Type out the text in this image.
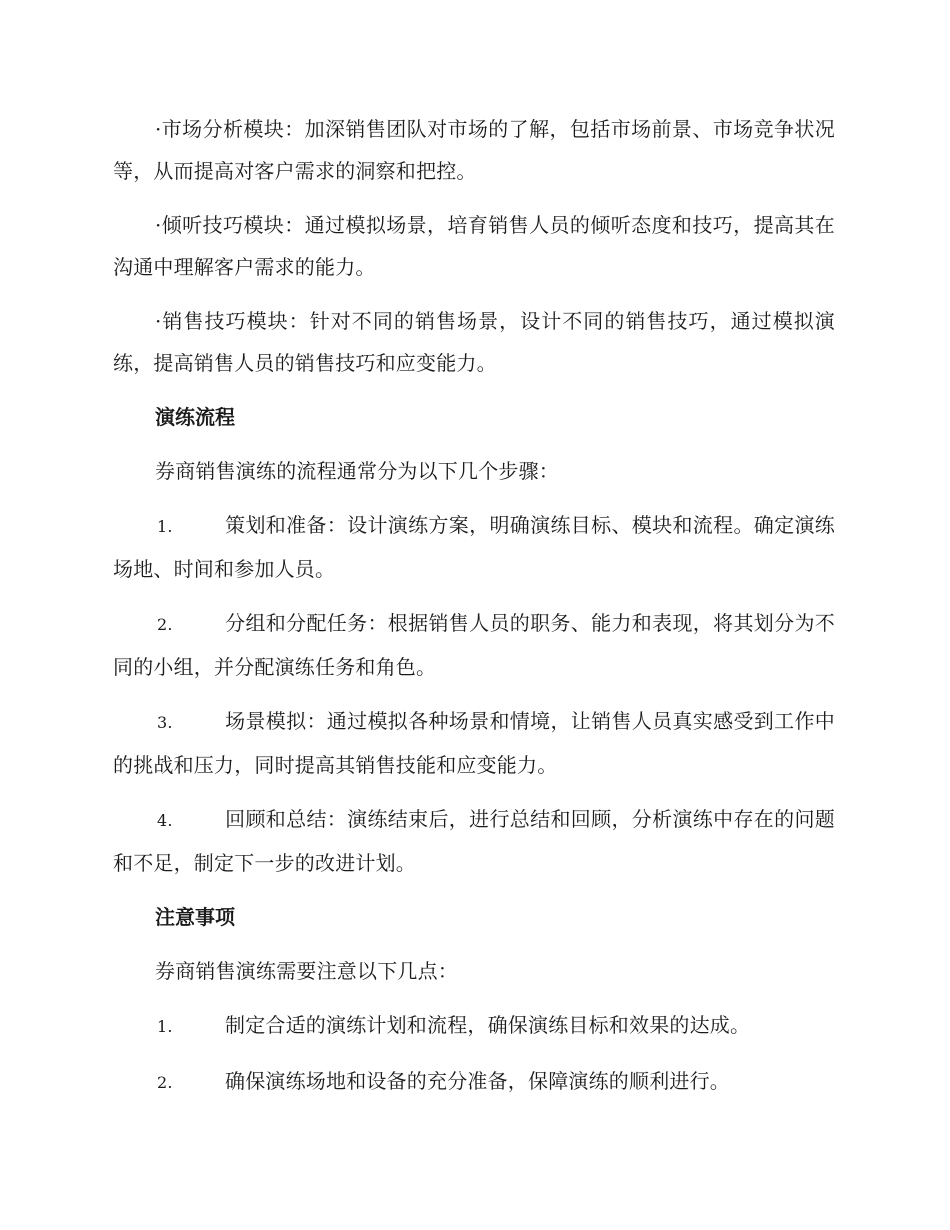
·市场分析模块：加深销售团队对市场的了解，包括市场前景、市场竞争状况等，从而提高对客户需求的洞察和把控。

·倾听技巧模块：通过模拟场景，培育销售人员的倾听态度和技巧，提高其在沟通中理解客户需求的能力。

·销售技巧模块：针对不同的销售场景，设计不同的销售技巧，通过模拟演练，提高销售人员的销售技巧和应变能力。

演练流程

券商销售演练的流程通常分为以下几个步骤：

1.	策划和准备：设计演练方案，明确演练目标、模块和流程。确定演练场地、时间和参加人员。

2.	分组和分配任务：根据销售人员的职务、能力和表现，将其划分为不同的小组，并分配演练任务和角色。

3.	场景模拟：通过模拟各种场景和情境，让销售人员真实感受到工作中的挑战和压力，同时提高其销售技能和应变能力。

4.	回顾和总结：演练结束后，进行总结和回顾，分析演练中存在的问题和不足，制定下一步的改进计划。

注意事项

券商销售演练需要注意以下几点：

1.	制定合适的演练计划和流程，确保演练目标和效果的达成。

2.	确保演练场地和设备的充分准备，保障演练的顺利进行。
